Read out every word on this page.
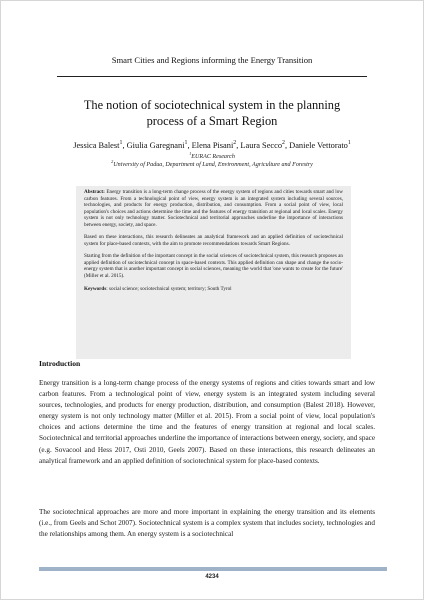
Smart Cities and Regions informing the Energy Transition
The notion of sociotechnical system in the planning
process of a Smart Region
Jessica Balest$^1$, Giulia Garegnani$^1$, Elena Pisani$^2$, Laura Secco$^2$, Daniele Vettorato$^1$
$^1$EURAC Research
$^2$University of Padua, Department of Land, Environment, Agriculture and Forestry

Abstract: Energy transition is a long-term change process of the energy system of regions and cities towards smart and low carbon features. From a technological point of view, energy system is an integrated system including several sources, technologies, and products for energy production, distribution, and consumption. From a social point of view, local population's choices and actions determine the time and the features of energy transition at regional and local scales. Energy system is not only technology matter. Sociotechnical and territorial approaches underline the importance of interactions between energy, society, and space.

Based on these interactions, this research delineates an analytical framework and an applied definition of sociotechnical system for place-based contexts, with the aim to promote recommendations towards Smart Regions.

Starting from the definition of the important concept in the social sciences of sociotechnical system, this research proposes an applied definition of sociotechnical concept in space-based contexts. This applied definition can shape and change the socio-energy system that is another important concept in social sciences, meaning the world that 'one wants to create for the future' (Miller et al. 2015).

Keywords: social science; sociotechnical system; territory; South Tyrol

Introduction

Energy transition is a long-term change process of the energy systems of regions and cities towards smart and low carbon features. From a technological point of view, energy system is an integrated system including several sources, technologies, and products for energy production, distribution, and consumption (Balest 2018). However, energy system is not only technology matter (Miller et al. 2015). From a social point of view, local population's choices and actions determine the time and the features of energy transition at regional and local scales. Sociotechnical and territorial approaches underline the importance of interactions between energy, society, and space (e.g. Sovacool and Hess 2017, Osti 2010, Geels 2007). Based on these interactions, this research delineates an analytical framework and an applied definition of sociotechnical system for place-based contexts.

The sociotechnical approaches are more and more important in explaining the energy transition and its elements (i.e., from Geels and Schot 2007). Sociotechnical system is a complex system that includes society, technologies and the relationships among them. An energy system is a sociotechnical

4234
